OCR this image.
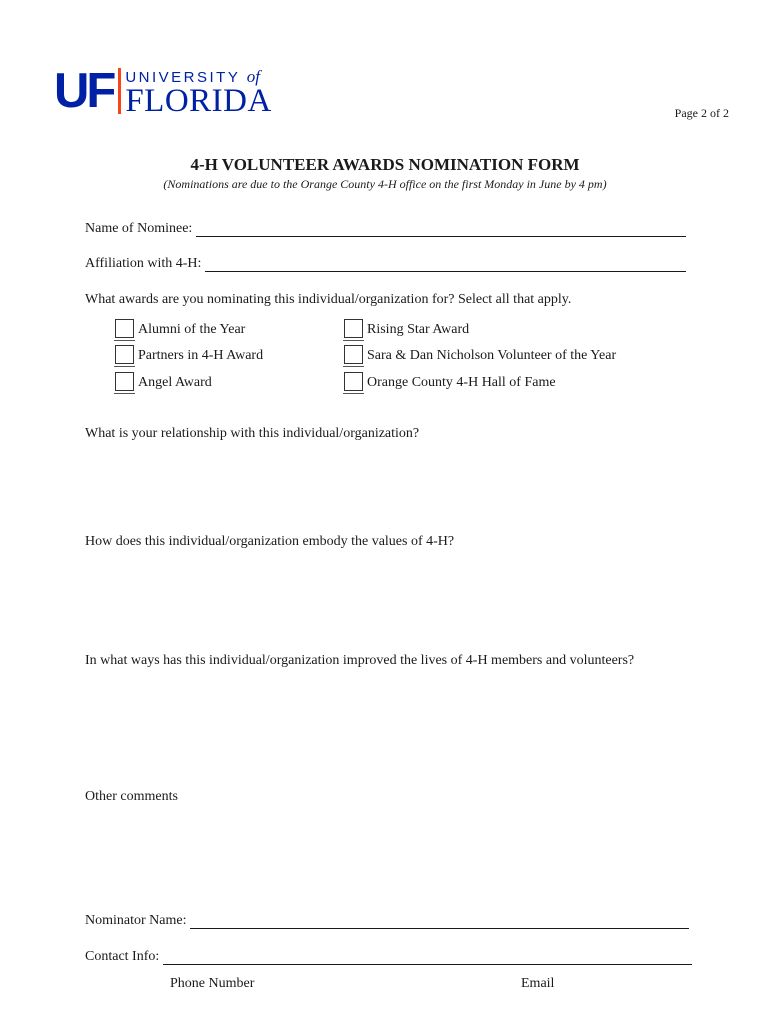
UF UNIVERSITY of
FLORIDA	Page 2 of 2
4-H VOLUNTEER AWARDS NOMINATION FORM
(Nominations are due to the Orange County 4-H office on the first Monday in June by 4 pm)
Name of Nominee:
Affiliation with 4-H:
What awards are you nominating this individual/organization for? Select all that apply.
Alumni of the Year	Rising Star Award
Partners in 4-H Award	Sara & Dan Nicholson Volunteer of the Year
Angel Award	Orange County 4-H Hall of Fame
What is your relationship with this individual/organization?
How does this individual/organization embody the values of 4-H?
In what ways has this individual/organization improved the lives of 4-H members and volunteers?
Other comments
Nominator Name:
Contact Info:
Phone Number	Email
